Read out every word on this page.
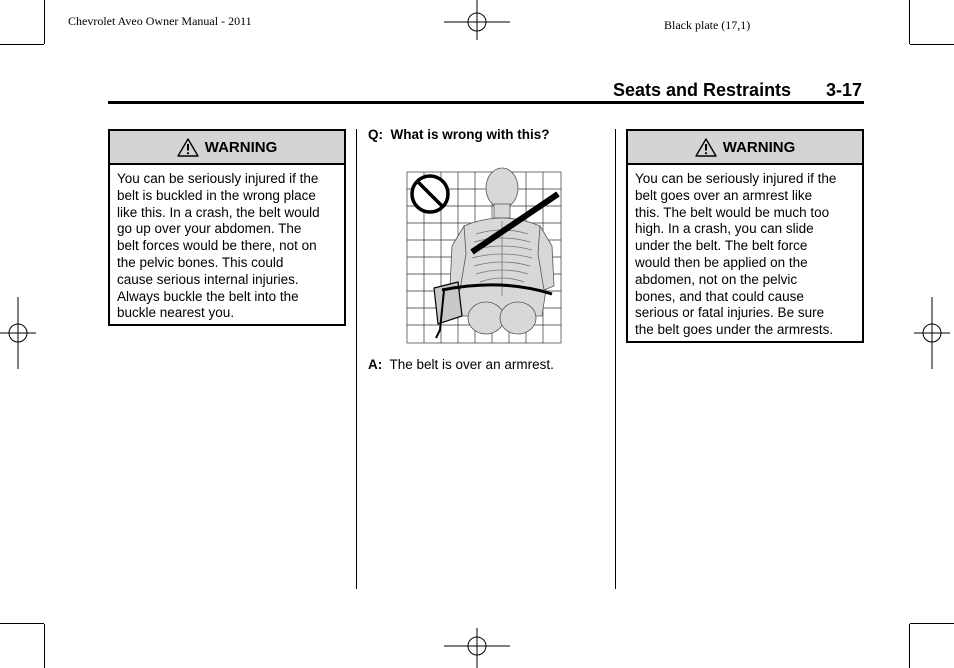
Chevrolet Aveo Owner Manual - 2011	Black plate (17,1)
Seats and Restraints 3-17
WARNING
You can be seriously injured if the
belt is buckled in the wrong place
like this. In a crash, the belt would
go up over your abdomen. The
belt forces would be there, not on
the pelvic bones. This could
cause serious internal injuries.
Always buckle the belt into the
buckle nearest you.
Q: What is wrong with this?
A: The belt is over an armrest.
WARNING
You can be seriously injured if the
belt goes over an armrest like
this. The belt would be much too
high. In a crash, you can slide
under the belt. The belt force
would then be applied on the
abdomen, not on the pelvic
bones, and that could cause
serious or fatal injuries. Be sure
the belt goes under the armrests.
